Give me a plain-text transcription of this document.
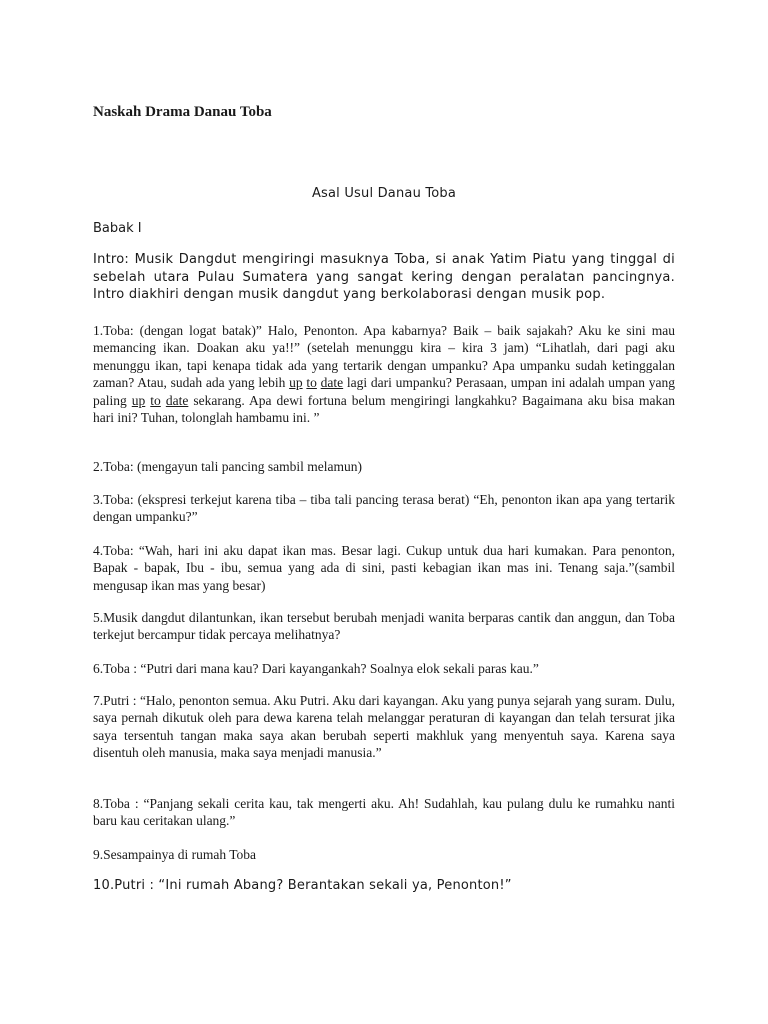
Naskah Drama Danau Toba
Asal Usul Danau Toba
Babak I

Intro: Musik Dangdut mengiringi masuknya Toba, si anak Yatim Piatu yang tinggal di sebelah utara Pulau Sumatera yang sangat kering dengan peralatan pancingnya. Intro diakhiri dengan musik dangdut yang berkolaborasi dengan musik pop.

1.Toba: (dengan logat batak)” Halo, Penonton. Apa kabarnya? Baik – baik sajakah? Aku ke sini mau memancing ikan. Doakan aku ya!!” (setelah menunggu kira – kira 3 jam) “Lihatlah, dari pagi aku menunggu ikan, tapi kenapa tidak ada yang tertarik dengan umpanku? Apa umpanku sudah ketinggalan zaman? Atau, sudah ada yang lebih up to date lagi dari umpanku? Perasaan, umpan ini adalah umpan yang paling up to date sekarang. Apa dewi fortuna belum mengiringi langkahku? Bagaimana aku bisa makan hari ini? Tuhan, tolonglah hambamu ini. ”

2.Toba: (mengayun tali pancing sambil melamun)

3.Toba: (ekspresi terkejut karena tiba – tiba tali pancing terasa berat) “Eh, penonton ikan apa yang tertarik dengan umpanku?”

4.Toba: “Wah, hari ini aku dapat ikan mas. Besar lagi. Cukup untuk dua hari kumakan. Para penonton, Bapak - bapak, Ibu - ibu, semua yang ada di sini, pasti kebagian ikan mas ini. Tenang saja.”(sambil mengusap ikan mas yang besar)

5.Musik dangdut dilantunkan, ikan tersebut berubah menjadi wanita berparas cantik dan anggun, dan Toba terkejut bercampur tidak percaya melihatnya?

6.Toba : “Putri dari mana kau? Dari kayangankah? Soalnya elok sekali paras kau.”

7.Putri : “Halo, penonton semua. Aku Putri. Aku dari kayangan. Aku yang punya sejarah yang suram. Dulu, saya pernah dikutuk oleh para dewa karena telah melanggar peraturan di kayangan dan telah tersurat jika saya tersentuh tangan maka saya akan berubah seperti makhluk yang menyentuh saya. Karena saya disentuh oleh manusia, maka saya menjadi manusia.”

8.Toba : “Panjang sekali cerita kau, tak mengerti aku. Ah! Sudahlah, kau pulang dulu ke rumahku nanti baru kau ceritakan ulang.”

9.Sesampainya di rumah Toba

10.Putri : “Ini rumah Abang? Berantakan sekali ya, Penonton!”
